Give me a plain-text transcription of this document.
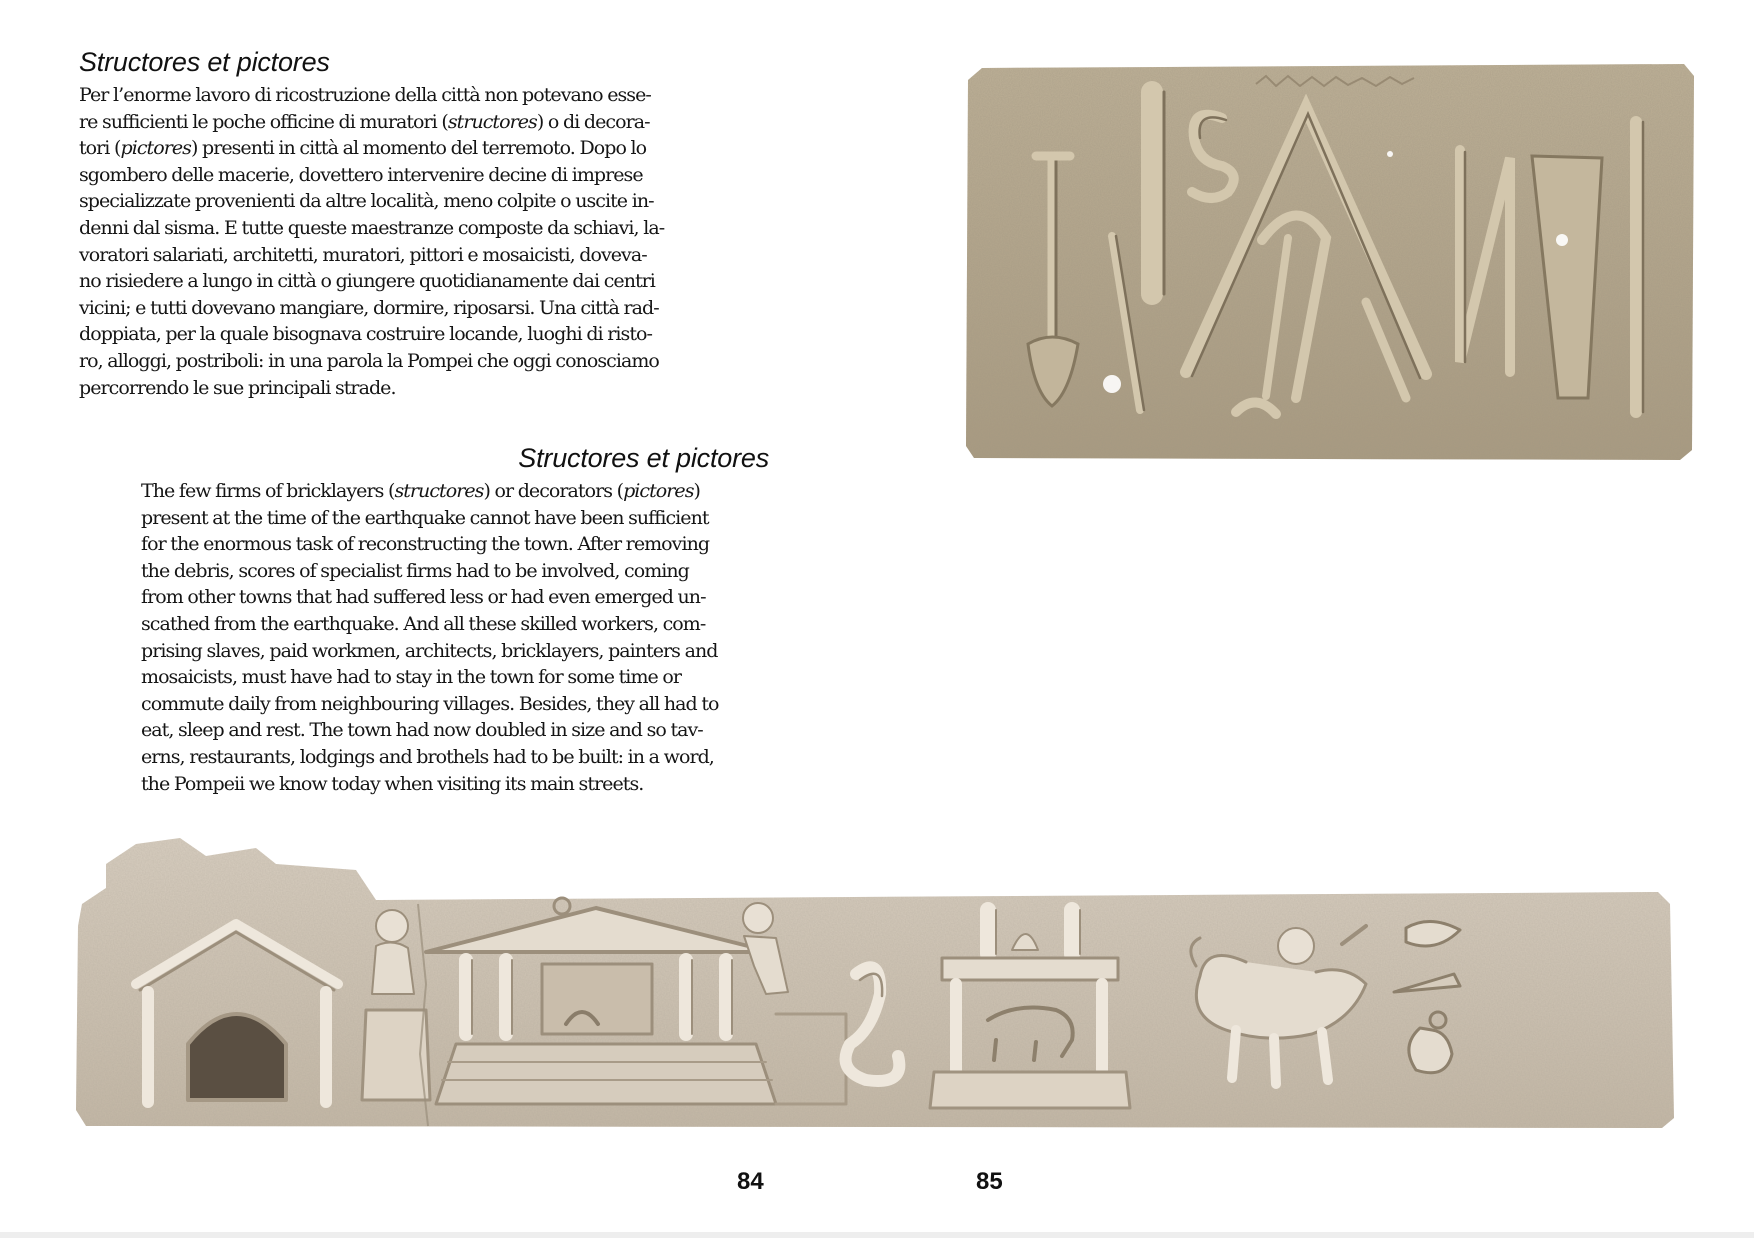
Structores et pictores

Per l’enorme lavoro di ricostruzione della città non potevano esse-
re sufficienti le poche officine di muratori (structores) o di decora-
tori (pictores) presenti in città al momento del terremoto. Dopo lo
sgombero delle macerie, dovettero intervenire decine di imprese
specializzate provenienti da altre località, meno colpite o uscite in-
denni dal sisma. E tutte queste maestranze composte da schiavi, la-
voratori salariati, architetti, muratori, pittori e mosaicisti, doveva-
no risiedere a lungo in città o giungere quotidianamente dai centri
vicini; e tutti dovevano mangiare, dormire, riposarsi. Una città rad-
doppiata, per la quale bisognava costruire locande, luoghi di risto-
ro, alloggi, postriboli: in una parola la Pompei che oggi conosciamo
percorrendo le sue principali strade.

Structores et pictores

The few firms of bricklayers (structores) or decorators (pictores)
present at the time of the earthquake cannot have been sufficient
for the enormous task of reconstructing the town. After removing
the debris, scores of specialist firms had to be involved, coming
from other towns that had suffered less or had even emerged un-
scathed from the earthquake. And all these skilled workers, com-
prising slaves, paid workmen, architects, bricklayers, painters and
mosaicists, must have had to stay in the town for some time or
commute daily from neighbouring villages. Besides, they all had to
eat, sleep and rest. The town had now doubled in size and so tav-
erns, restaurants, lodgings and brothels had to be built: in a word,
the Pompeii we know today when visiting its main streets.

84	85
